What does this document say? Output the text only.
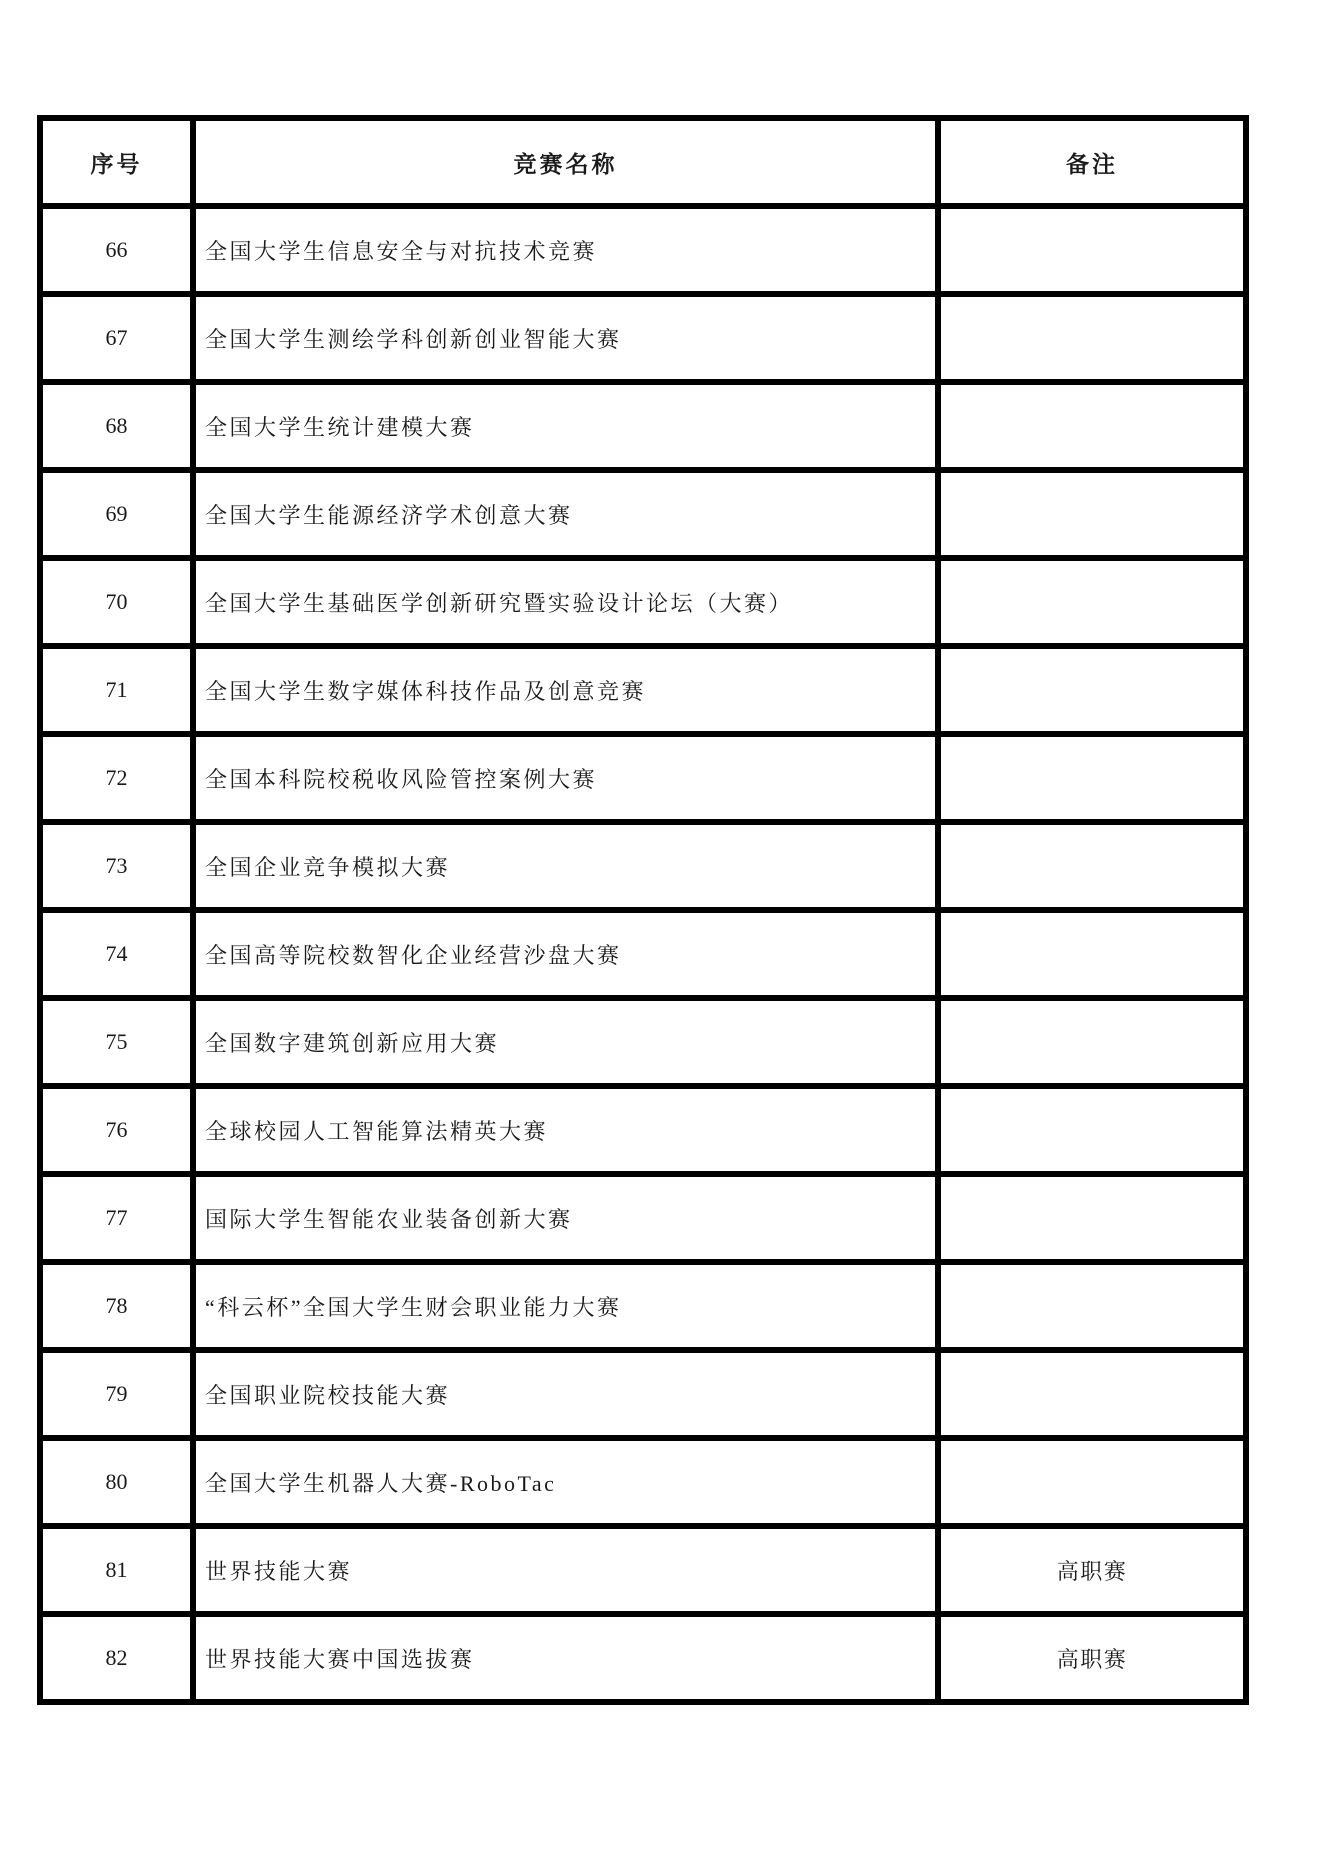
序号	竞赛名称	备注
66	全国大学生信息安全与对抗技术竞赛	
67	全国大学生测绘学科创新创业智能大赛	
68	全国大学生统计建模大赛	
69	全国大学生能源经济学术创意大赛	
70	全国大学生基础医学创新研究暨实验设计论坛（大赛）	
71	全国大学生数字媒体科技作品及创意竞赛	
72	全国本科院校税收风险管控案例大赛	
73	全国企业竞争模拟大赛	
74	全国高等院校数智化企业经营沙盘大赛	
75	全国数字建筑创新应用大赛	
76	全球校园人工智能算法精英大赛	
77	国际大学生智能农业装备创新大赛	
78	“科云杯”全国大学生财会职业能力大赛	
79	全国职业院校技能大赛	
80	全国大学生机器人大赛-RoboTac	
81	世界技能大赛	高职赛
82	世界技能大赛中国选拔赛	高职赛
